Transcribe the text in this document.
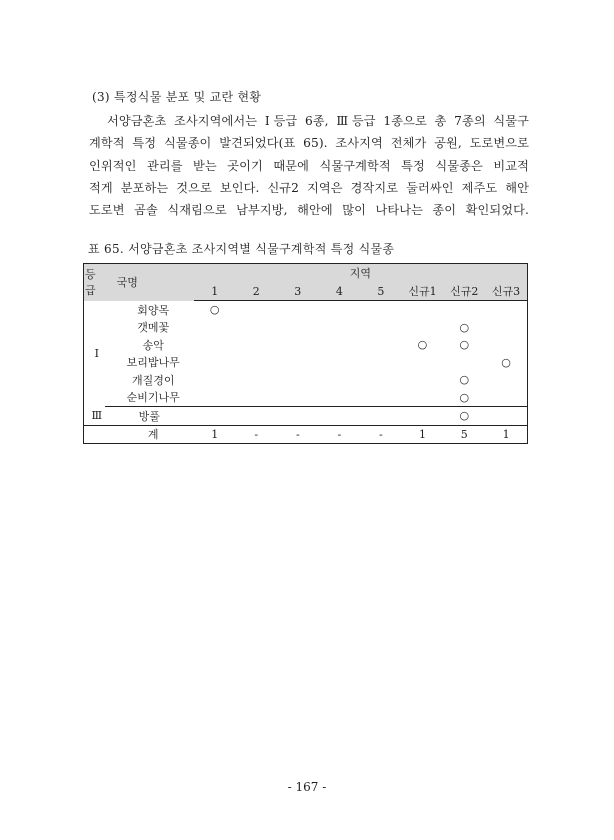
(3) 특정식물 분포 및 교란 현황
서양금혼초 조사지역에서는 Ⅰ등급 6종, Ⅲ등급 1종으로 총 7종의 식물구
계학적 특정 식물종이 발견되었다(표 65). 조사지역 전체가 공원, 도로변으로
인위적인 관리를 받는 곳이기 때문에 식물구계학적 특정 식물종은 비교적
적게 분포하는 것으로 보인다. 신규2 지역은 경작지로 둘러싸인 제주도 해안
도로변 곰솔 식재림으로 남부지방, 해안에 많이 나타나는 종이 확인되었다.
표 65. 서양금혼초 조사지역별 식물구계학적 특정 식물종
등급	국명	지역							
		1	2	3	4	5	신규1	신규2	신규3
Ⅰ	회양목	○							
	갯메꽃							○	
	송악						○	○	
	보리밥나무								○
	개질경이							○	
	순비기나무							○	
Ⅲ	방풀							○	
	계	1	-	-	-	-	1	5	1
- 167 -
